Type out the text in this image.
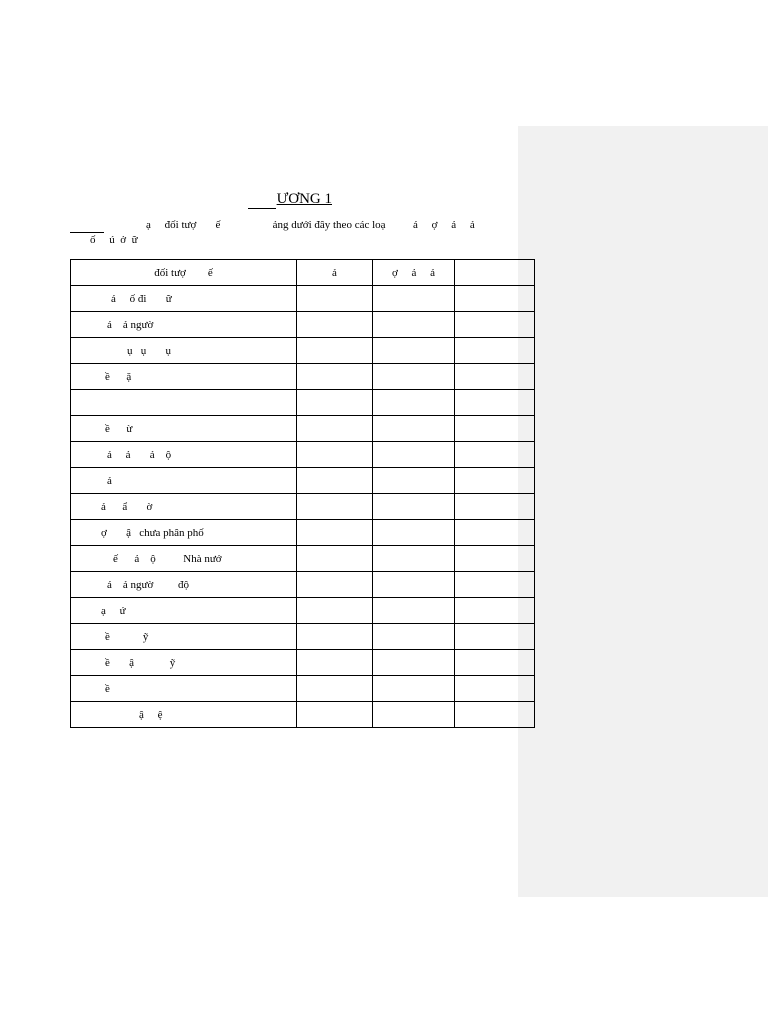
ƯƠNG 1
ạ     đối tượ       ế                   ảng dưới đây theo các loạ          á     ợ     ả     ả
ố     ú  ở  ữ
đối tượ        ế	ả	ợ     ả     ả	

á     ố đi       ữ			

á    ả ngườ			

ụ   ụ       ụ			

ề      ặ			

ề      ừ			

ả     ả       ả    ộ			

ả			

ả      ẩ       ờ			

ợ       ậ   chưa phân phố			

ế      ả    ộ          Nhà nướ			

á    ả ngườ         độ			

ạ     ứ			

ề            ỹ			

ề       ậ             ỹ			

ề			

ậ     ệ			
